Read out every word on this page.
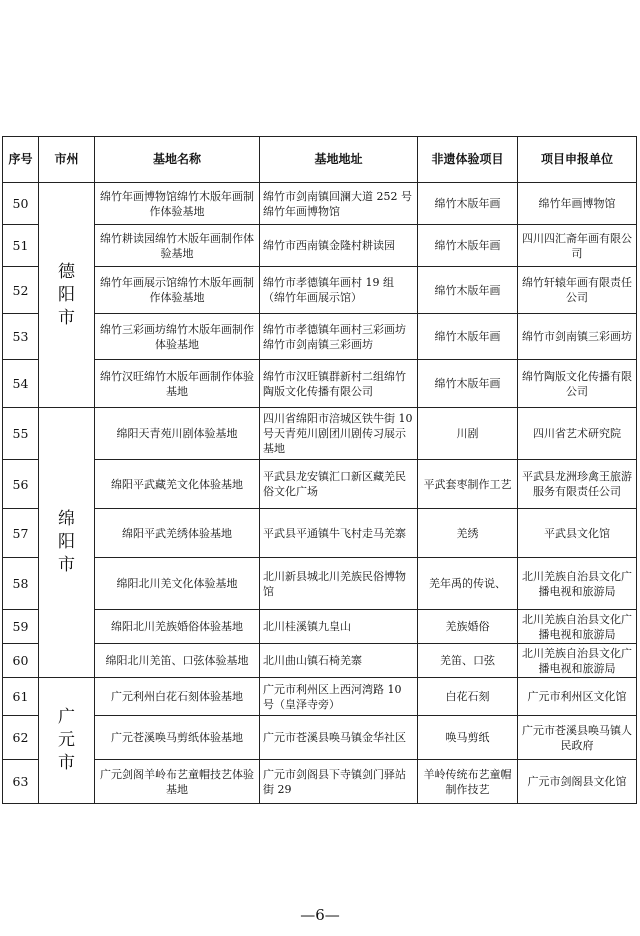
序号	市州	基地名称	基地地址	非遗体验项目	项目申报单位
50	德阳市	绵竹年画博物馆绵竹木版年画制作体验基地	绵竹市剑南镇回澜大道 252 号绵竹年画博物馆	绵竹木版年画	绵竹年画博物馆
51		绵竹耕读园绵竹木版年画制作体验基地	绵竹市西南镇金隆村耕读园	绵竹木版年画	四川四汇斋年画有限公司
52		绵竹年画展示馆绵竹木版年画制作体验基地	绵竹市孝德镇年画村 19 组（绵竹年画展示馆）	绵竹木版年画	绵竹轩辕年画有限责任公司
53		绵竹三彩画坊绵竹木版年画制作体验基地	绵竹市孝德镇年画村三彩画坊绵竹市剑南镇三彩画坊	绵竹木版年画	绵竹市剑南镇三彩画坊
54		绵竹汉旺绵竹木版年画制作体验基地	绵竹市汉旺镇群新村二组绵竹陶版文化传播有限公司	绵竹木版年画	绵竹陶版文化传播有限公司
55	绵阳市	绵阳天青苑川剧体验基地	四川省绵阳市涪城区铁牛街 10 号天青苑川剧团川剧传习展示基地	川剧	四川省艺术研究院
56		绵阳平武藏羌文化体验基地	平武县龙安镇汇口新区藏羌民俗文化广场	平武套枣制作工艺	平武县龙洲珍禽王旅游服务有限责任公司
57		绵阳平武羌绣体验基地	平武县平通镇牛飞村走马羌寨	羌绣	平武县文化馆
58		绵阳北川羌文化体验基地	北川新县城北川羌族民俗博物馆	羌年禹的传说、	北川羌族自治县文化广播电视和旅游局
59		绵阳北川羌族婚俗体验基地	北川桂溪镇九皇山	羌族婚俗	北川羌族自治县文化广播电视和旅游局
60		绵阳北川羌笛、口弦体验基地	北川曲山镇石椅羌寨	羌笛、口弦	北川羌族自治县文化广播电视和旅游局
61	广元市	广元利州白花石刻体验基地	广元市利州区上西河湾路 10 号（皇泽寺旁）	白花石刻	广元市利州区文化馆
62		广元苍溪唤马剪纸体验基地	广元市苍溪县唤马镇金华社区	唤马剪纸	广元市苍溪县唤马镇人民政府
63		广元剑阁羊岭布艺童帽技艺体验基地	广元市剑阁县下寺镇剑门驿站街 29	羊岭传统布艺童帽制作技艺	广元市剑阁县文化馆
—6—
